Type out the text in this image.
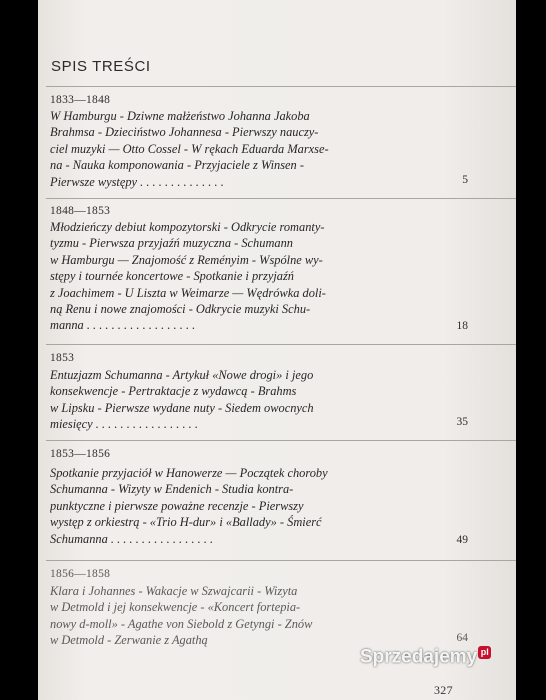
SPIS TREŚCI
1833—1848
W Hamburgu - Dziwne małżeństwo Johanna Jakoba
Brahmsa - Dzieciństwo Johannesa - Pierwszy nauczy-
ciel muzyki — Otto Cossel - W rękach Eduarda Marxse-
na - Nauka komponowania - Przyjaciele z Winsen -
Pierwsze występy . . . . . . . . . . . . . .	5
1848—1853
Młodzieńczy debiut kompozytorski - Odkrycie romanty-
tyzmu - Pierwsza przyjaźń muzyczna - Schumann
w Hamburgu — Znajomość z Reményim - Wspólne wy-
stępy i tournée koncertowe - Spotkanie i przyjaźń
z Joachimem - U Liszta w Weimarze — Wędrówka doli-
ną Renu i nowe znajomości - Odkrycie muzyki Schu-
manna . . . . . . . . . . . . . . . . . .	18
1853
Entuzjazm Schumanna - Artykuł «Nowe drogi» i jego
konsekwencje - Pertraktacje z wydawcą - Brahms
w Lipsku - Pierwsze wydane nuty - Siedem owocnych
miesięcy . . . . . . . . . . . . . . . . .	35
1853—1856
Spotkanie przyjaciół w Hanowerze — Początek choroby
Schumanna - Wizyty w Endenich - Studia kontra-
punktyczne i pierwsze poważne recenzje - Pierwszy
występ z orkiestrą - «Trio H-dur» i «Ballady» - Śmierć
Schumanna . . . . . . . . . . . . . . . . .	49
1856—1858
Klara i Johannes - Wakacje w Szwajcarii - Wizyta
w Detmold i jej konsekwencje - «Koncert fortepia-
nowy d-moll» - Agathe von Siebold z Getyngi - Znów
w Detmold - Zerwanie z Agathą	64
327
Sprzedajemy pl
